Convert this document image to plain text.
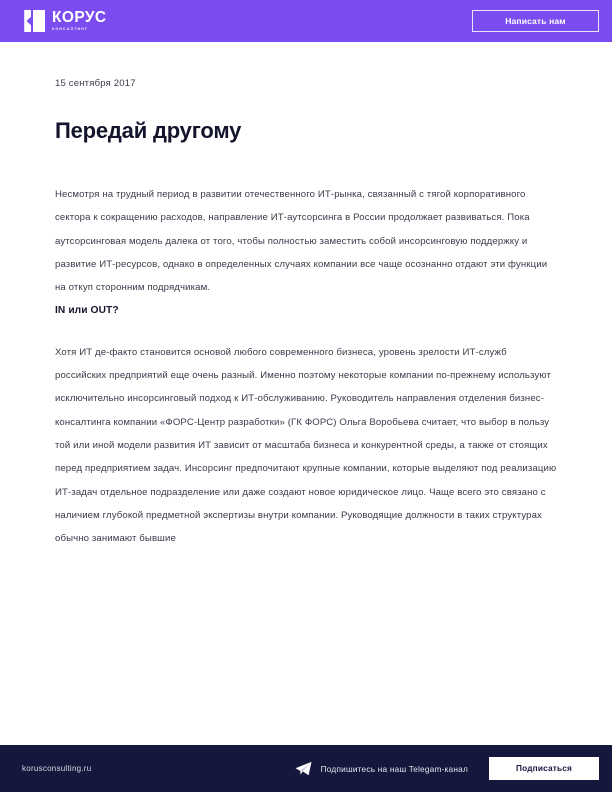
КОРУС
КОНСАЛТИНГ
Написать нам
15 сентября 2017
Передай другому

Несмотря на трудный период в развитии отечественного ИТ-рынка, связанный с тягой корпоративного сектора к сокращению расходов, направление ИТ-аутсорсинга в России продолжает развиваться. Пока аутсорсинговая модель далека от того, чтобы полностью заместить собой инсорсинговую поддержку и развитие ИТ-ресурсов, однако в определенных случаях компании все чаще осознанно отдают эти функции на откуп сторонним подрядчикам.

IN или OUT?

Хотя ИТ де-факто становится основой любого современного бизнеса, уровень зрелости ИТ-служб российских предприятий еще очень разный. Именно поэтому некоторые компании по-прежнему используют исключительно инсорсинговый подход к ИТ-обслуживанию. Руководитель направления отделения бизнес-консалтинга компании «ФОРС-Центр разработки» (ГК ФОРС) Ольга Воробьева считает, что выбор в пользу той или иной модели развития ИТ зависит от масштаба бизнеса и конкурентной среды, а также от стоящих перед предприятием задач. Инсорсинг предпочитают крупные компании, которые выделяют под реализацию ИТ-задач отдельное подразделение или даже создают новое юридическое лицо. Чаще всего это связано с наличием глубокой предметной экспертизы внутри компании. Руководящие должности в таких структурах обычно занимают бывшие

korusconsulting.ru	Подпишитесь на наш Telegam-канал	Подписаться
